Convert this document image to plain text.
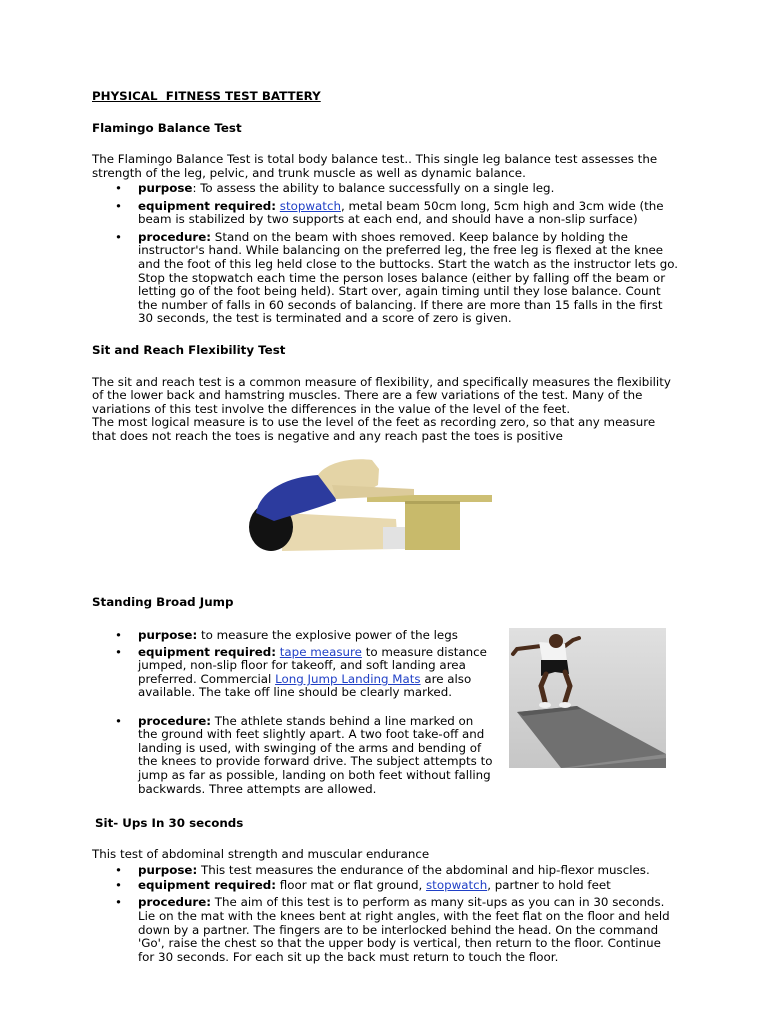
PHYSICAL  FITNESS TEST BATTERY
Flamingo Balance Test

The Flamingo Balance Test is total body balance test.. This single leg balance test assesses the strength of the leg, pelvic, and trunk muscle as well as dynamic balance.

• purpose: To assess the ability to balance successfully on a single leg.
• equipment required: stopwatch, metal beam 50cm long, 5cm high and 3cm wide (the beam is stabilized by two supports at each end, and should have a non-slip surface)
• procedure: Stand on the beam with shoes removed. Keep balance by holding the instructor's hand. While balancing on the preferred leg, the free leg is flexed at the knee and the foot of this leg held close to the buttocks. Start the watch as the instructor lets go. Stop the stopwatch each time the person loses balance (either by falling off the beam or letting go of the foot being held). Start over, again timing until they lose balance. Count the number of falls in 60 seconds of balancing. If there are more than 15 falls in the first 30 seconds, the test is terminated and a score of zero is given.
Sit and Reach Flexibility Test
The sit and reach test is a common measure of flexibility, and specifically measures the flexibility of the lower back and hamstring muscles. There are a few variations of the test. Many of the variations of this test involve the differences in the value of the level of the feet.
The most logical measure is to use the level of the feet as recording zero, so that any measure that does not reach the toes is negative and any reach past the toes is positive
Standing Broad Jump
• purpose: to measure the explosive power of the legs
• equipment required: tape measure to measure distance jumped, non-slip floor for takeoff, and soft landing area preferred. Commercial Long Jump Landing Mats are also available. The take off line should be clearly marked.
• procedure: The athlete stands behind a line marked on the ground with feet slightly apart. A two foot take-off and landing is used, with swinging of the arms and bending of the knees to provide forward drive. The subject attempts to jump as far as possible, landing on both feet without falling backwards. Three attempts are allowed.
Sit- Ups In 30 seconds

This test of abdominal strength and muscular endurance

• purpose: This test measures the endurance of the abdominal and hip-flexor muscles.
• equipment required: floor mat or flat ground, stopwatch, partner to hold feet
• procedure: The aim of this test is to perform as many sit-ups as you can in 30 seconds. Lie on the mat with the knees bent at right angles, with the feet flat on the floor and held down by a partner. The fingers are to be interlocked behind the head. On the command 'Go', raise the chest so that the upper body is vertical, then return to the floor. Continue for 30 seconds. For each sit up the back must return to touch the floor.
